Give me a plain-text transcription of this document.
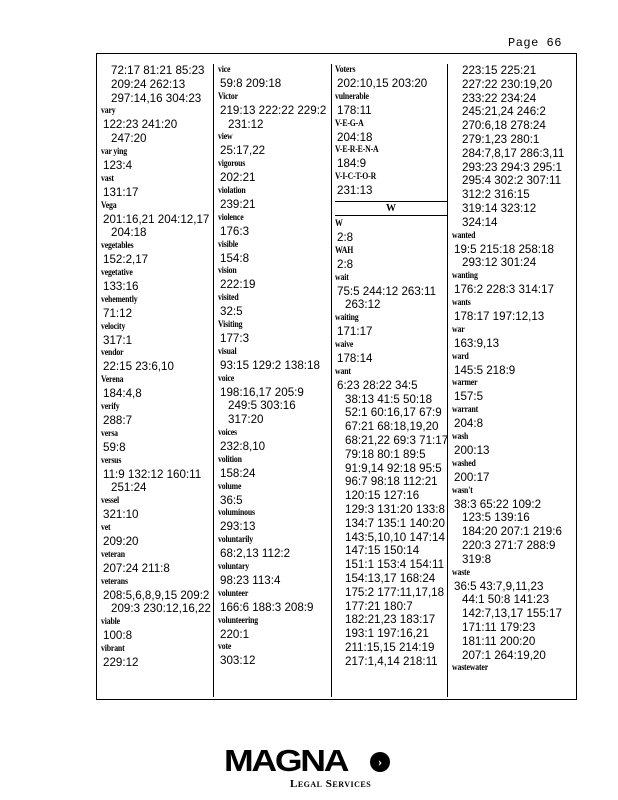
Page 66
72:17 81:21 85:23
209:24 262:13
297:14,16 304:23
vary
122:23 241:20
247:20
var ying
123:4
vast
131:17
Vega
201:16,21 204:12,17
204:18
vegetables
152:2,17
vegetative
133:16
vehemently
71:12
velocity
317:1
vendor
22:15 23:6,10
Verena
184:4,8
verify
288:7
versa
59:8
versus
11:9 132:12 160:11
251:24
vessel
321:10
vet
209:20
veteran
207:24 211:8
veterans
208:5,6,8,9,15 209:2
209:3 230:12,16,22
viable
100:8
vibrant
229:12
vice
59:8 209:18
Victor
219:13 222:22 229:2
231:12
view
25:17,22
vigorous
202:21
violation
239:21
violence
176:3
visible
154:8
vision
222:19
visited
32:5
Visiting
177:3
visual
93:15 129:2 138:18
voice
198:16,17 205:9
249:5 303:16
317:20
voices
232:8,10
volition
158:24
volume
36:5
voluminous
293:13
voluntarily
68:2,13 112:2
voluntary
98:23 113:4
volunteer
166:6 188:3 208:9
volunteering
220:1
vote
303:12
Voters
202:10,15 203:20
vulnerable
178:11
V-E-G-A
204:18
V-E-R-E-N-A
184:9
V-I-C-T-O-R
231:13
W
W
2:8
WAH
2:8
wait
75:5 244:12 263:11
263:12
waiting
171:17
waive
178:14
want
6:23 28:22 34:5
38:13 41:5 50:18
52:1 60:16,17 67:9
67:21 68:18,19,20
68:21,22 69:3 71:17
79:18 80:1 89:5
91:9,14 92:18 95:5
96:7 98:18 112:21
120:15 127:16
129:3 131:20 133:8
134:7 135:1 140:20
143:5,10,10 147:14
147:15 150:14
151:1 153:4 154:11
154:13,17 168:24
175:2 177:11,17,18
177:21 180:7
182:21,23 183:17
193:1 197:16,21
211:15,15 214:19
217:1,4,14 218:11
223:15 225:21
227:22 230:19,20
233:22 234:24
245:21,24 246:2
270:6,18 278:24
279:1,23 280:1
284:7,8,17 286:3,11
293:23 294:3 295:1
295:4 302:2 307:11
312:2 316:15
319:14 323:12
324:14
wanted
19:5 215:18 258:18
293:12 301:24
wanting
176:2 228:3 314:17
wants
178:17 197:12,13
war
163:9,13
ward
145:5 218:9
warmer
157:5
warrant
204:8
wash
200:13
washed
200:17
wasn't
38:3 65:22 109:2
123:5 139:16
184:20 207:1 219:6
220:3 271:7 288:9
319:8
waste
36:5 43:7,9,11,23
44:1 50:8 141:23
142:7,13,17 155:17
171:11 179:23
181:11 200:20
207:1 264:19,20
wastewater
MAGNA	›
Legal Services
